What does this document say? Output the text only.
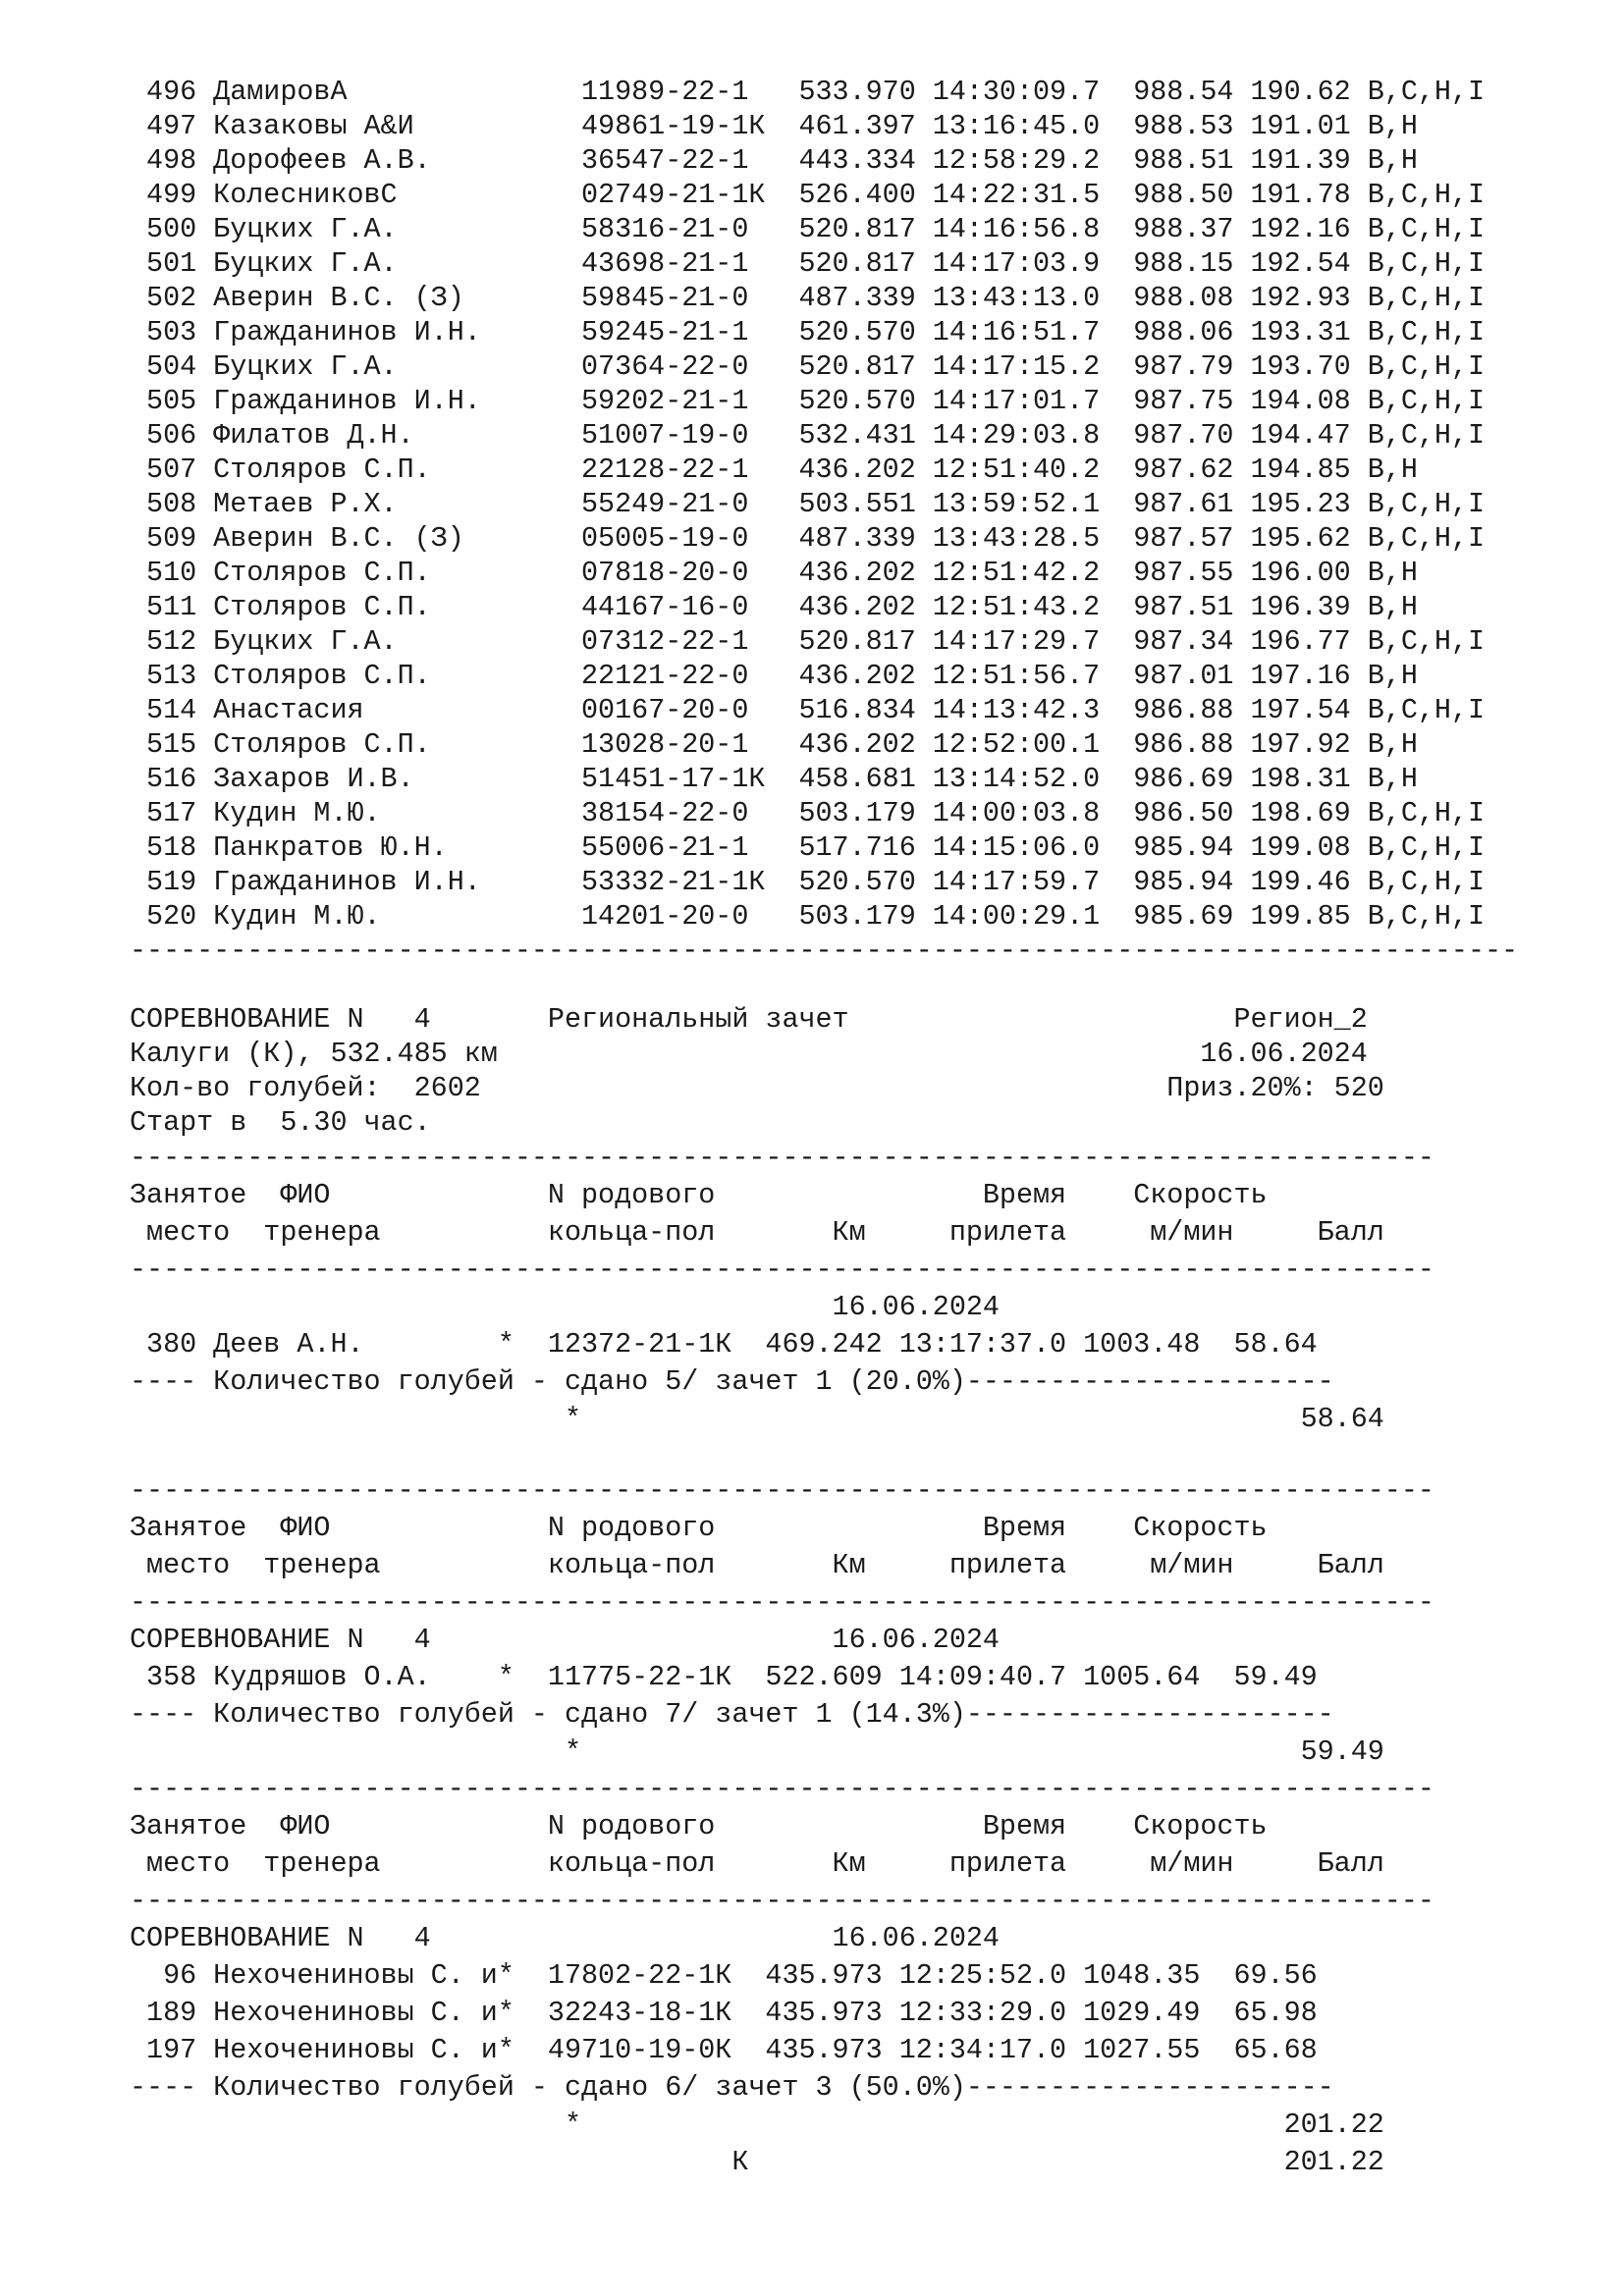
496 ДамировА              11989-22-1   533.970 14:30:09.7  988.54 190.62 B,C,H,I
497 Казаковы А&И          49861-19-1К  461.397 13:16:45.0  988.53 191.01 B,H
498 Дорофеев А.В.         36547-22-1   443.334 12:58:29.2  988.51 191.39 B,H
499 КолесниковС           02749-21-1К  526.400 14:22:31.5  988.50 191.78 B,C,H,I
500 Буцких Г.А.           58316-21-0   520.817 14:16:56.8  988.37 192.16 B,C,H,I
501 Буцких Г.А.           43698-21-1   520.817 14:17:03.9  988.15 192.54 B,C,H,I
502 Аверин В.С. (З)       59845-21-0   487.339 13:43:13.0  988.08 192.93 B,C,H,I
503 Гражданинов И.Н.      59245-21-1   520.570 14:16:51.7  988.06 193.31 B,C,H,I
504 Буцких Г.А.           07364-22-0   520.817 14:17:15.2  987.79 193.70 B,C,H,I
505 Гражданинов И.Н.      59202-21-1   520.570 14:17:01.7  987.75 194.08 B,C,H,I
506 Филатов Д.Н.          51007-19-0   532.431 14:29:03.8  987.70 194.47 B,C,H,I
507 Столяров С.П.         22128-22-1   436.202 12:51:40.2  987.62 194.85 B,H
508 Метаев Р.Х.           55249-21-0   503.551 13:59:52.1  987.61 195.23 B,C,H,I
509 Аверин В.С. (З)       05005-19-0   487.339 13:43:28.5  987.57 195.62 B,C,H,I
510 Столяров С.П.         07818-20-0   436.202 12:51:42.2  987.55 196.00 B,H
511 Столяров С.П.         44167-16-0   436.202 12:51:43.2  987.51 196.39 B,H
512 Буцких Г.А.           07312-22-1   520.817 14:17:29.7  987.34 196.77 B,C,H,I
513 Столяров С.П.         22121-22-0   436.202 12:51:56.7  987.01 197.16 B,H
514 Анастасия             00167-20-0   516.834 14:13:42.3  986.88 197.54 B,C,H,I
515 Столяров С.П.         13028-20-1   436.202 12:52:00.1  986.88 197.92 B,H
516 Захаров И.В.          51451-17-1К  458.681 13:14:52.0  986.69 198.31 B,H
517 Кудин М.Ю.            38154-22-0   503.179 14:00:03.8  986.50 198.69 B,C,H,I
518 Панкратов Ю.Н.        55006-21-1   517.716 14:15:06.0  985.94 199.08 B,C,H,I
519 Гражданинов И.Н.      53332-21-1К  520.570 14:17:59.7  985.94 199.46 B,C,H,I
520 Кудин М.Ю.            14201-20-0   503.179 14:00:29.1  985.69 199.85 B,C,H,I
-----------------------------------------------------------------------------------
СОРЕВНОВАНИЕ N   4       Региональный зачет                       Регион_2
Калуги (К), 532.485 км                                          16.06.2024
Кол-во голубей:  2602                                         Приз.20%: 520
Старт в  5.30 час.
------------------------------------------------------------------------------
Занятое  ФИО             N родового                Время    Скорость
место  тренера          кольца-пол       Км     прилета     м/мин     Балл
------------------------------------------------------------------------------
16.06.2024
380 Деев А.Н.        *  12372-21-1К  469.242 13:17:37.0 1003.48  58.64
---- Количество голубей - сдано 5/ зачет 1 (20.0%)----------------------
*                                           58.64
------------------------------------------------------------------------------
Занятое  ФИО             N родового                Время    Скорость
место  тренера          кольца-пол       Км     прилета     м/мин     Балл
------------------------------------------------------------------------------
СОРЕВНОВАНИЕ N   4                        16.06.2024
358 Кудряшов О.А.    *  11775-22-1К  522.609 14:09:40.7 1005.64  59.49
---- Количество голубей - сдано 7/ зачет 1 (14.3%)----------------------
*                                           59.49
------------------------------------------------------------------------------
Занятое  ФИО             N родового                Время    Скорость
место  тренера          кольца-пол       Км     прилета     м/мин     Балл
------------------------------------------------------------------------------
СОРЕВНОВАНИЕ N   4                        16.06.2024
96 Нехочениновы С. и*  17802-22-1К  435.973 12:25:52.0 1048.35  69.56
189 Нехочениновы С. и*  32243-18-1К  435.973 12:33:29.0 1029.49  65.98
197 Нехочениновы С. и*  49710-19-0К  435.973 12:34:17.0 1027.55  65.68
---- Количество голубей - сдано 6/ зачет 3 (50.0%)----------------------
*                                          201.22
К                                201.22
